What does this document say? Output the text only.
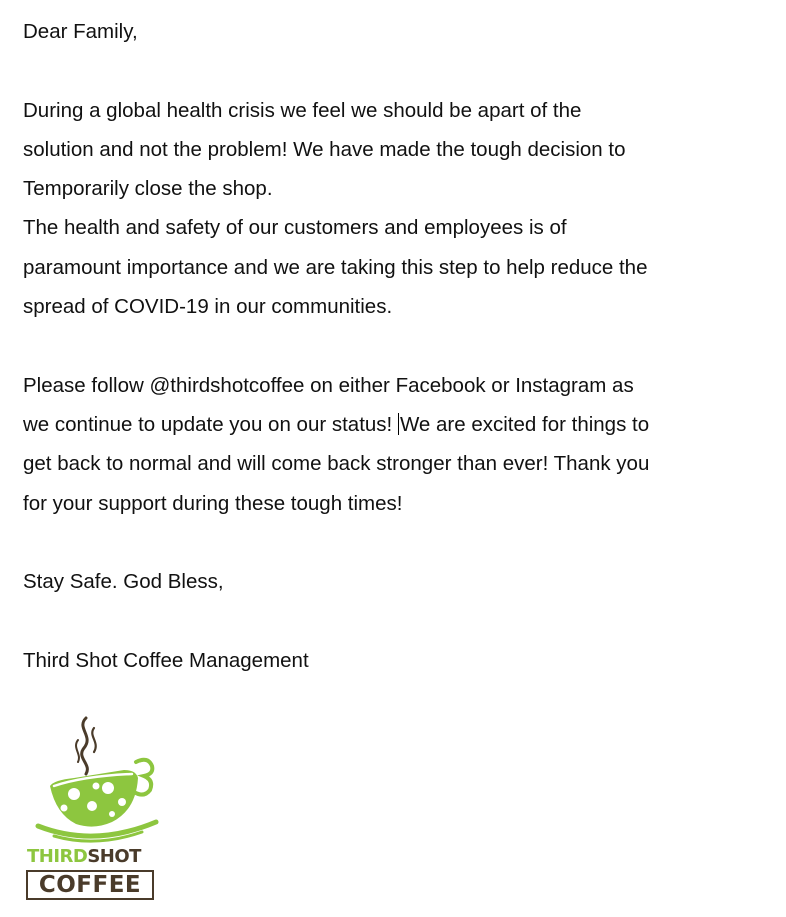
Dear Family,
During a global health crisis we feel we should be apart of the
solution and not the problem! We have made the tough decision to
Temporarily close the shop.
The health and safety of our customers and employees is of
paramount importance and we are taking this step to help reduce the
spread of COVID-19 in our communities.
Please follow @thirdshotcoffee on either Facebook or Instagram as
we continue to update you on our status! We are excited for things to
get back to normal and will come back stronger than ever! Thank you
for your support during these tough times!
Stay Safe. God Bless,
Third Shot Coffee Management
THIRDSHOT
COFFEE
